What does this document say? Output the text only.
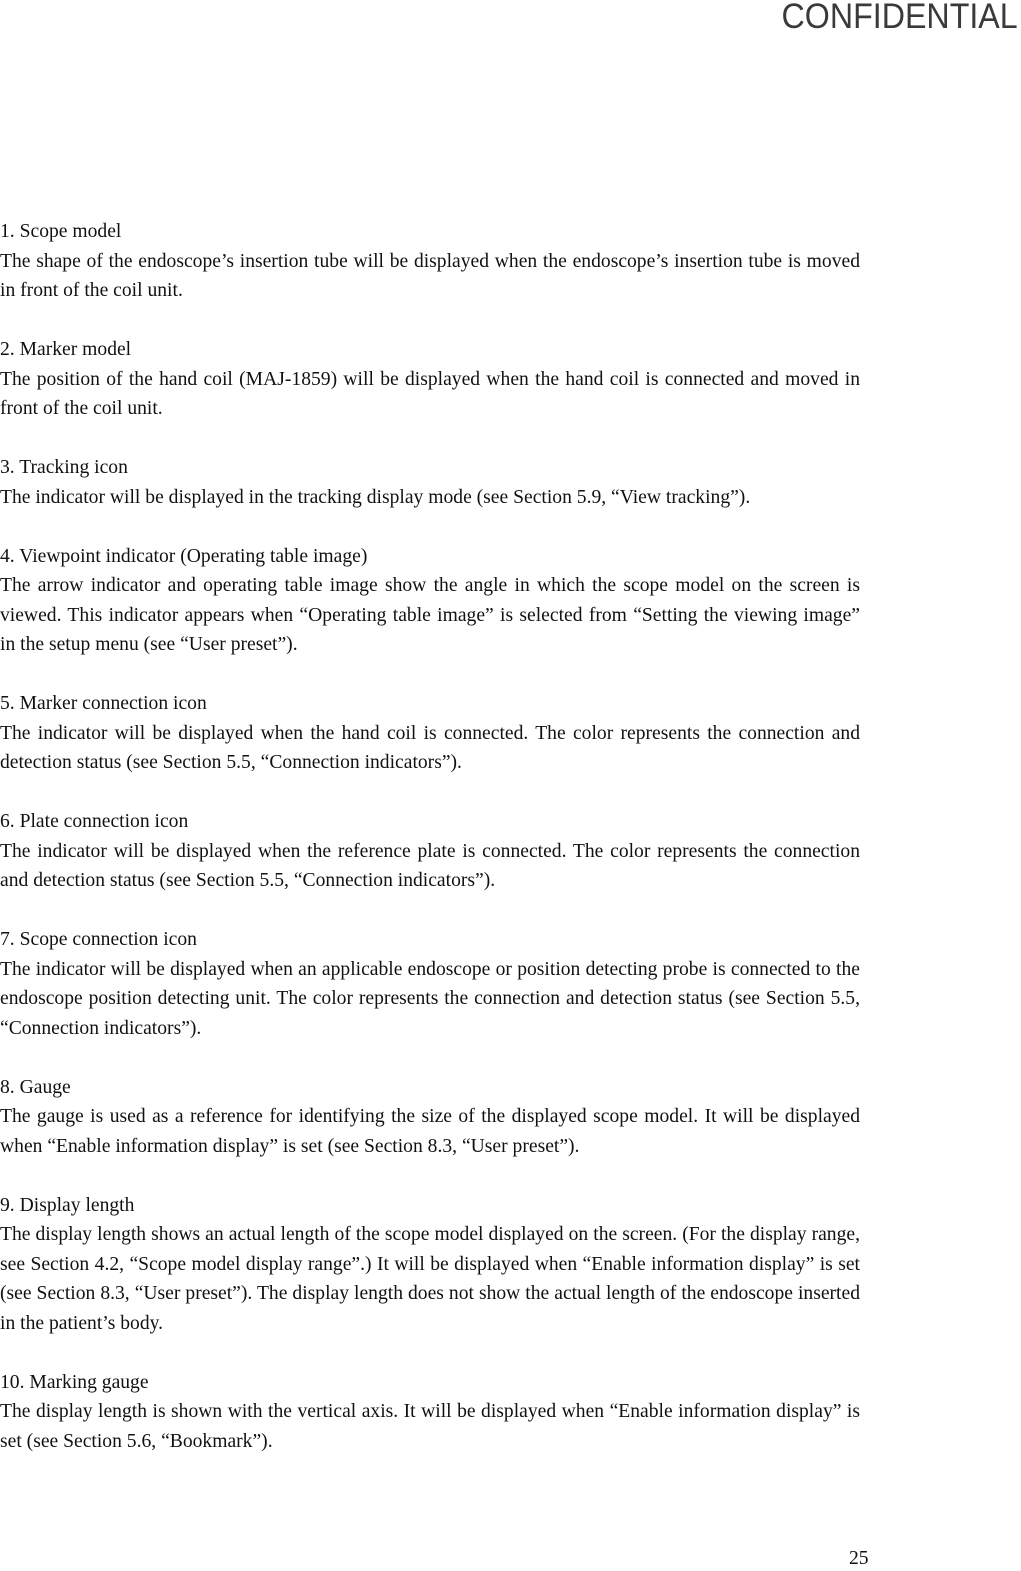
CONFIDENTIAL

1. Scope model

The shape of the endoscope’s insertion tube will be displayed when the endoscope’s insertion tube is moved in front of the coil unit.

2. Marker model

The position of the hand coil (MAJ-1859) will be displayed when the hand coil is connected and moved in front of the coil unit.

3. Tracking icon

The indicator will be displayed in the tracking display mode (see Section 5.9, “View tracking”).

4. Viewpoint indicator (Operating table image)

The arrow indicator and operating table image show the angle in which the scope model on the screen is viewed. This indicator appears when “Operating table image” is selected from “Setting the viewing image” in the setup menu (see “User preset”).

5. Marker connection icon

The indicator will be displayed when the hand coil is connected. The color represents the connection and detection status (see Section 5.5, “Connection indicators”).

6. Plate connection icon

The indicator will be displayed when the reference plate is connected. The color represents the connection and detection status (see Section 5.5, “Connection indicators”).

7. Scope connection icon

The indicator will be displayed when an applicable endoscope or position detecting probe is connected to the endoscope position detecting unit. The color represents the connection and detection status (see Section 5.5, “Connection indicators”).

8. Gauge

The gauge is used as a reference for identifying the size of the displayed scope model. It will be displayed when “Enable information display” is set (see Section 8.3, “User preset”).

9. Display length

The display length shows an actual length of the scope model displayed on the screen. (For the display range, see Section 4.2, “Scope model display range”.) It will be displayed when “Enable information display” is set (see Section 8.3, “User preset”). The display length does not show the actual length of the endoscope inserted in the patient’s body.

10. Marking gauge

The display length is shown with the vertical axis. It will be displayed when “Enable information display” is set (see Section 5.6, “Bookmark”).

25
